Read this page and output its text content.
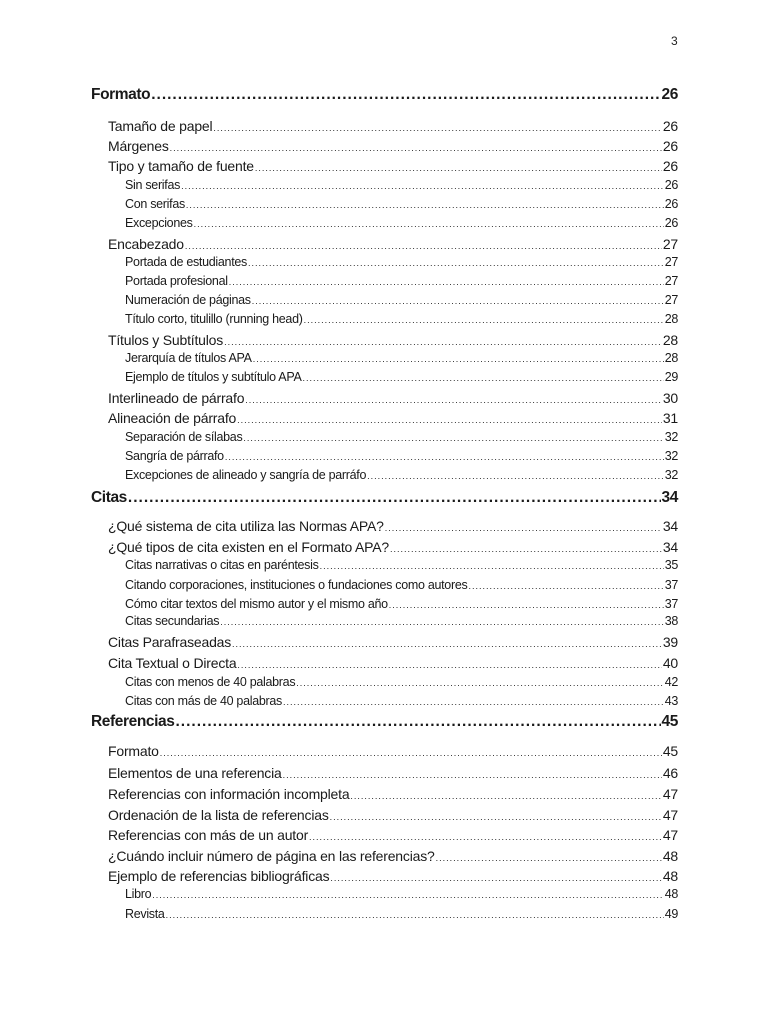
3
Formato .....	26
Tamaño de papel .....	26
Márgenes .....	26
Tipo y tamaño de fuente .....	26
Sin serifas .....	26
Con serifas .....	26
Excepciones .....	26
Encabezado .....	27
Portada de estudiantes .....	27
Portada profesional .....	27
Numeración de páginas .....	27
Título corto, titulillo (running head) .....	28
Títulos y Subtítulos .....	28
Jerarquía de títulos APA .....	28
Ejemplo de títulos y subtítulo APA .....	29
Interlineado de párrafo .....	30
Alineación de párrafo .....	31
Separación de sílabas .....	32
Sangría de párrafo .....	32
Excepciones de alineado y sangría de parráfo .....	32
Citas .....	34
¿Qué sistema de cita utiliza las Normas APA? .....	34
¿Qué tipos de cita existen en el Formato APA? .....	34
Citas narrativas o citas en paréntesis .....	35
Citando corporaciones, instituciones o fundaciones como autores .....	37
Cómo citar textos del mismo autor y el mismo año .....	37
Citas secundarias .....	38
Citas Parafraseadas .....	39
Cita Textual o Directa .....	40
Citas con menos de 40 palabras .....	42
Citas con más de 40 palabras .....	43
Referencias .....	45
Formato .....	45
Elementos de una referencia .....	46
Referencias con información incompleta .....	47
Ordenación de la lista de referencias .....	47
Referencias con más de un autor .....	47
¿Cuándo incluir número de página en las referencias? .....	48
Ejemplo de referencias bibliográficas .....	48
Libro .....	48
Revista .....	49
